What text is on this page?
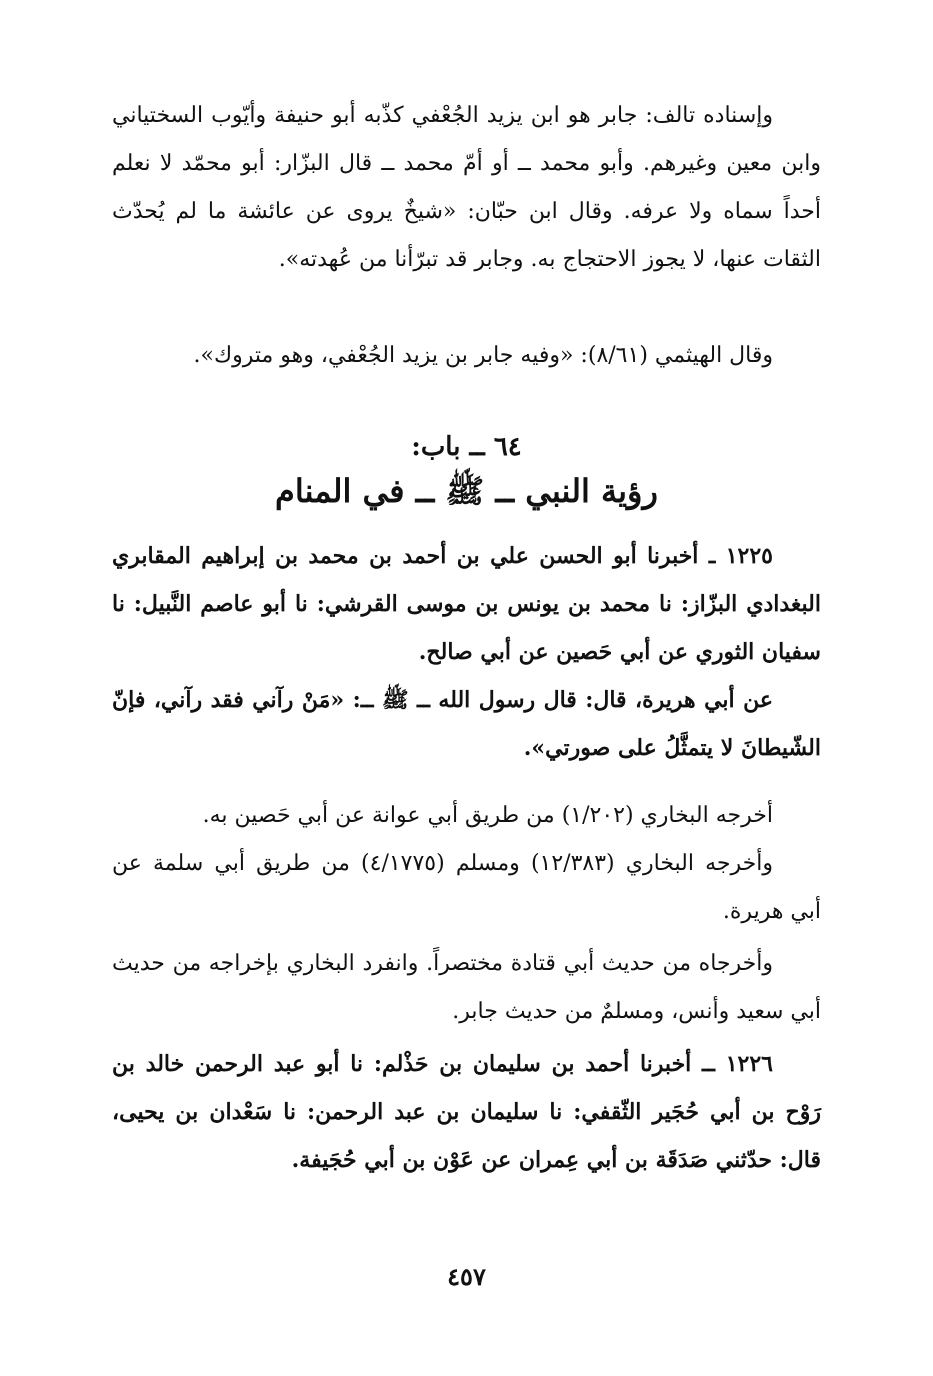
وإسناده تالف: جابر هو ابن يزيد الجُعْفي كذّبه أبو حنيفة وأيّوب السختياني وابن معين وغيرهم. وأبو محمد ــ أو أمّ محمد ــ قال البزّار: أبو محمّد لا نعلم أحداً سماه ولا عرفه. وقال ابن حبّان: «شيخٌ يروى عن عائشة ما لم يُحدّث الثقات عنها، لا يجوز الاحتجاج به. وجابر قد تبرّأنا من عُهدته».
وقال الهيثمي (٨/٦١): «وفيه جابر بن يزيد الجُعْفي، وهو متروك».
٦٤ ــ باب:
رؤية النبي ــ ﷺ ــ في المنام
١٢٢٥ ـ أخبرنا أبو الحسن علي بن أحمد بن محمد بن إبراهيم المقابري البغدادي البزّاز: نا محمد بن يونس بن موسى القرشي: نا أبو عاصم النَّبيل: نا سفيان الثوري عن أبي حَصين عن أبي صالح.
عن أبي هريرة، قال: قال رسول الله ــ ﷺ ــ: «مَنْ رآني فقد رآني، فإنّ الشّيطانَ لا يتمثَّلُ على صورتي».
أخرجه البخاري (١/٢٠٢) من طريق أبي عوانة عن أبي حَصين به.
وأخرجه البخاري (١٢/٣٨٣) ومسلم (٤/١٧٧٥) من طريق أبي سلمة عن أبي هريرة.
وأخرجاه من حديث أبي قتادة مختصراً. وانفرد البخاري بإخراجه من حديث أبي سعيد وأنس، ومسلمٌ من حديث جابر.
١٢٢٦ ــ أخبرنا أحمد بن سليمان بن حَذْلم: نا أبو عبد الرحمن خالد بن رَوْح بن أبي حُجَير الثّقفي: نا سليمان بن عبد الرحمن: نا سَعْدان بن يحيى، قال: حدّثني صَدَقَة بن أبي عِمران عن عَوْن بن أبي حُجَيفة.
٤٥٧
